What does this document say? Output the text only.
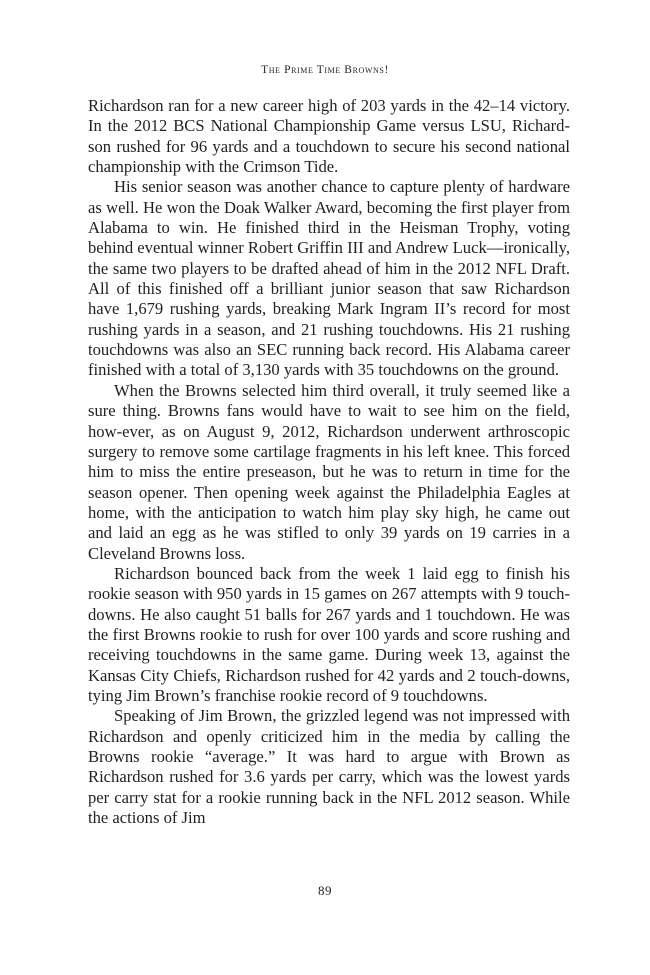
The Prime Time Browns!

Richardson ran for a new career high of 203 yards in the 42–14 victory. In the 2012 BCS National Championship Game versus LSU, Richard-son rushed for 96 yards and a touchdown to secure his second national championship with the Crimson Tide.

His senior season was another chance to capture plenty of hardware as well. He won the Doak Walker Award, becoming the first player from Alabama to win. He finished third in the Heisman Trophy, voting behind eventual winner Robert Griffin III and Andrew Luck—ironically, the same two players to be drafted ahead of him in the 2012 NFL Draft. All of this finished off a brilliant junior season that saw Richardson have 1,679 rushing yards, breaking Mark Ingram II’s record for most rushing yards in a season, and 21 rushing touchdowns. His 21 rushing touchdowns was also an SEC running back record. His Alabama career finished with a total of 3,130 yards with 35 touchdowns on the ground.

When the Browns selected him third overall, it truly seemed like a sure thing. Browns fans would have to wait to see him on the field, how-ever, as on August 9, 2012, Richardson underwent arthroscopic surgery to remove some cartilage fragments in his left knee. This forced him to miss the entire preseason, but he was to return in time for the season opener. Then opening week against the Philadelphia Eagles at home, with the anticipation to watch him play sky high, he came out and laid an egg as he was stifled to only 39 yards on 19 carries in a Cleveland Browns loss.

Richardson bounced back from the week 1 laid egg to finish his rookie season with 950 yards in 15 games on 267 attempts with 9 touch-downs. He also caught 51 balls for 267 yards and 1 touchdown. He was the first Browns rookie to rush for over 100 yards and score rushing and receiving touchdowns in the same game. During week 13, against the Kansas City Chiefs, Richardson rushed for 42 yards and 2 touch-downs, tying Jim Brown’s franchise rookie record of 9 touchdowns.

Speaking of Jim Brown, the grizzled legend was not impressed with Richardson and openly criticized him in the media by calling the Browns rookie “average.” It was hard to argue with Brown as Richardson rushed for 3.6 yards per carry, which was the lowest yards per carry stat for a rookie running back in the NFL 2012 season. While the actions of Jim

89
